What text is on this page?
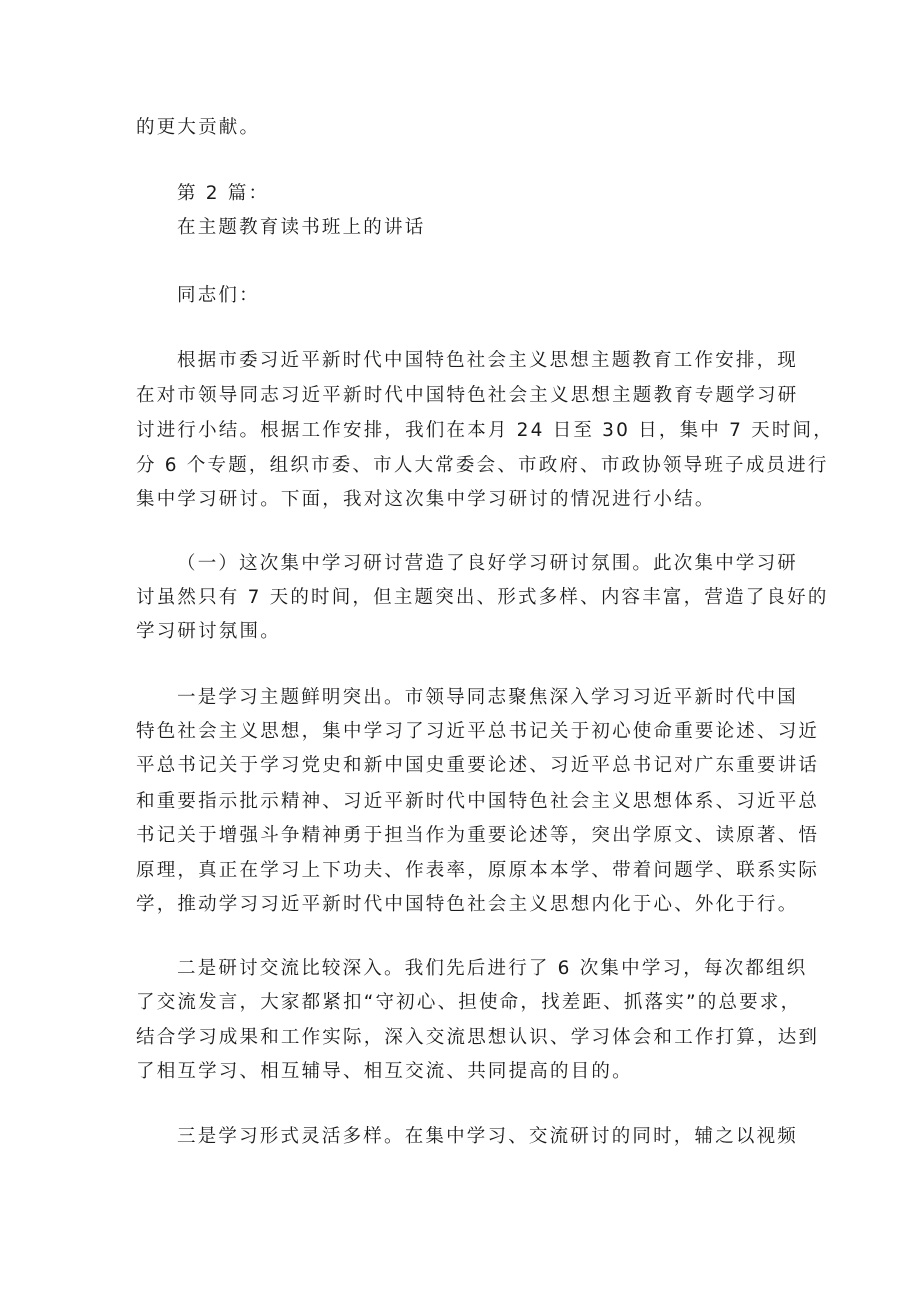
的更大贡献。
第 2 篇：
在主题教育读书班上的讲话
同志们：
根据市委习近平新时代中国特色社会主义思想主题教育工作安排，现
在对市领导同志习近平新时代中国特色社会主义思想主题教育专题学习研
讨进行小结。根据工作安排，我们在本月 24 日至 30 日，集中 7 天时间，
分 6 个专题，组织市委、市人大常委会、市政府、市政协领导班子成员进行
集中学习研讨。下面，我对这次集中学习研讨的情况进行小结。
（一）这次集中学习研讨营造了良好学习研讨氛围。此次集中学习研
讨虽然只有 7 天的时间，但主题突出、形式多样、内容丰富，营造了良好的
学习研讨氛围。
一是学习主题鲜明突出。市领导同志聚焦深入学习习近平新时代中国
特色社会主义思想，集中学习了习近平总书记关于初心使命重要论述、习近
平总书记关于学习党史和新中国史重要论述、习近平总书记对广东重要讲话
和重要指示批示精神、习近平新时代中国特色社会主义思想体系、习近平总
书记关于增强斗争精神勇于担当作为重要论述等，突出学原文、读原著、悟
原理，真正在学习上下功夫、作表率，原原本本学、带着问题学、联系实际
学，推动学习习近平新时代中国特色社会主义思想内化于心、外化于行。
二是研讨交流比较深入。我们先后进行了 6 次集中学习，每次都组织
了交流发言，大家都紧扣“守初心、担使命，找差距、抓落实”的总要求，
结合学习成果和工作实际，深入交流思想认识、学习体会和工作打算，达到
了相互学习、相互辅导、相互交流、共同提高的目的。
三是学习形式灵活多样。在集中学习、交流研讨的同时，辅之以视频
